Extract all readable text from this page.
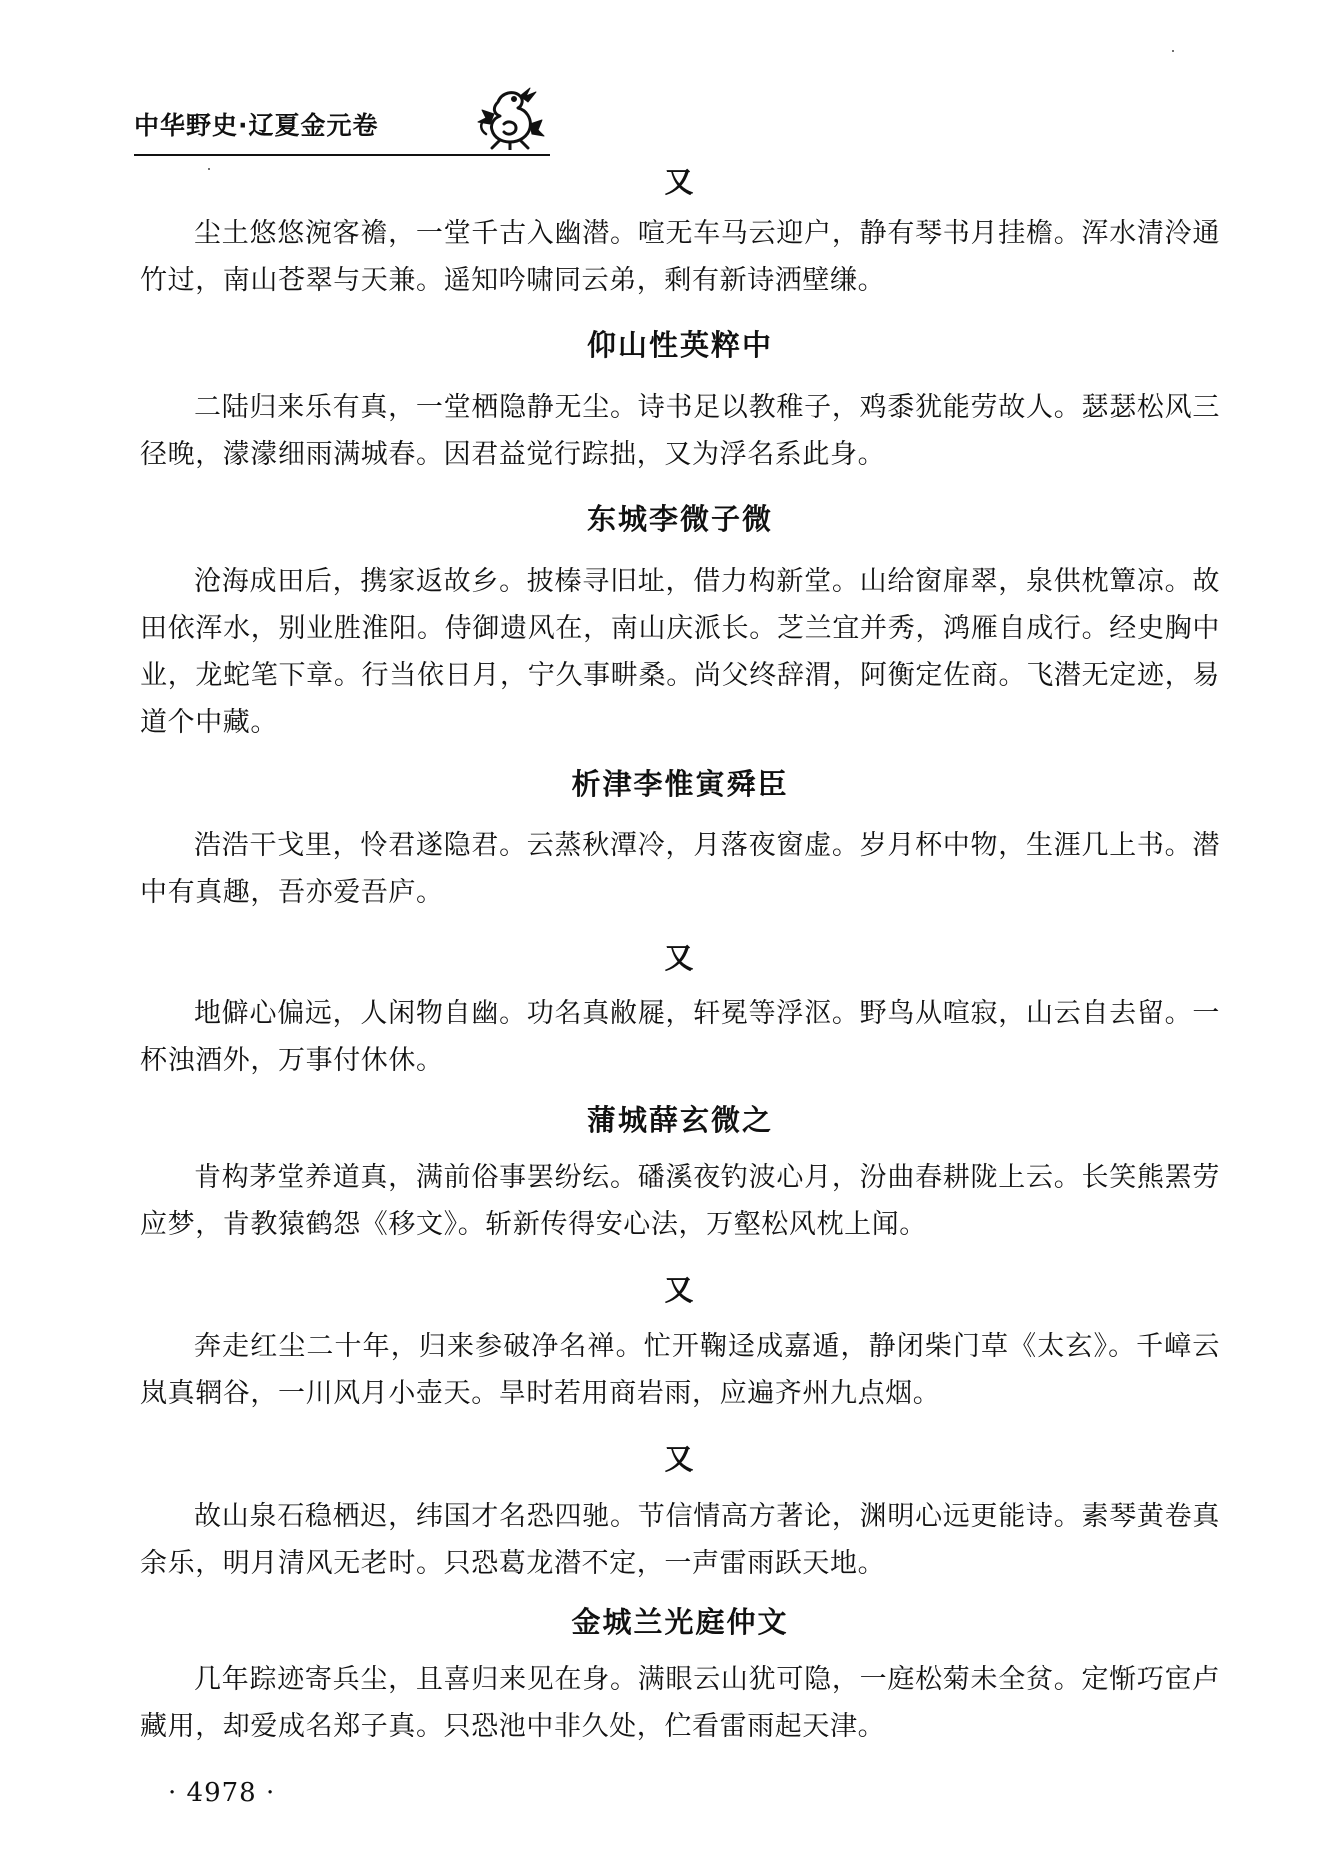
中华野史·辽夏金元卷
又
尘土悠悠涴客襜，一堂千古入幽潜。喧无车马云迎户，静有琴书月挂檐。浑水清泠通竹过，南山苍翠与天兼。遥知吟啸同云弟，剩有新诗洒壁缣。
仰山性英粹中
二陆归来乐有真，一堂栖隐静无尘。诗书足以教稚子，鸡黍犹能劳故人。瑟瑟松风三径晚，濛濛细雨满城春。因君益觉行踪拙，又为浮名系此身。
东城李微子微
沧海成田后，携家返故乡。披榛寻旧址，借力构新堂。山给窗扉翠，泉供枕簟凉。故田依浑水，别业胜淮阳。侍御遗风在，南山庆派长。芝兰宜并秀，鸿雁自成行。经史胸中业，龙蛇笔下章。行当依日月，宁久事畊桑。尚父终辞渭，阿衡定佐商。飞潜无定迹，易道个中藏。
析津李惟寅舜臣
浩浩干戈里，怜君遂隐君。云蒸秋潭冷，月落夜窗虚。岁月杯中物，生涯几上书。潜中有真趣，吾亦爱吾庐。
又
地僻心偏远，人闲物自幽。功名真敝屣，轩冕等浮沤。野鸟从喧寂，山云自去留。一杯浊酒外，万事付休休。
蒲城薛玄微之
肯构茅堂养道真，满前俗事罢纷纭。磻溪夜钓波心月，汾曲春耕陇上云。长笑熊罴劳应梦，肯教猿鹤怨《移文》。斩新传得安心法，万壑松风枕上闻。
又
奔走红尘二十年，归来参破净名禅。忙开鞠迳成嘉遁，静闭柴门草《太玄》。千嶂云岚真辋谷，一川风月小壶天。旱时若用商岩雨，应遍齐州九点烟。
又
故山泉石稳栖迟，纬国才名恐四驰。节信情高方著论，渊明心远更能诗。素琴黄卷真余乐，明月清风无老时。只恐葛龙潜不定，一声雷雨跃天地。
金城兰光庭仲文
几年踪迹寄兵尘，且喜归来见在身。满眼云山犹可隐，一庭松菊未全贫。定惭巧宦卢藏用，却爱成名郑子真。只恐池中非久处，伫看雷雨起天津。
· 4978 ·
